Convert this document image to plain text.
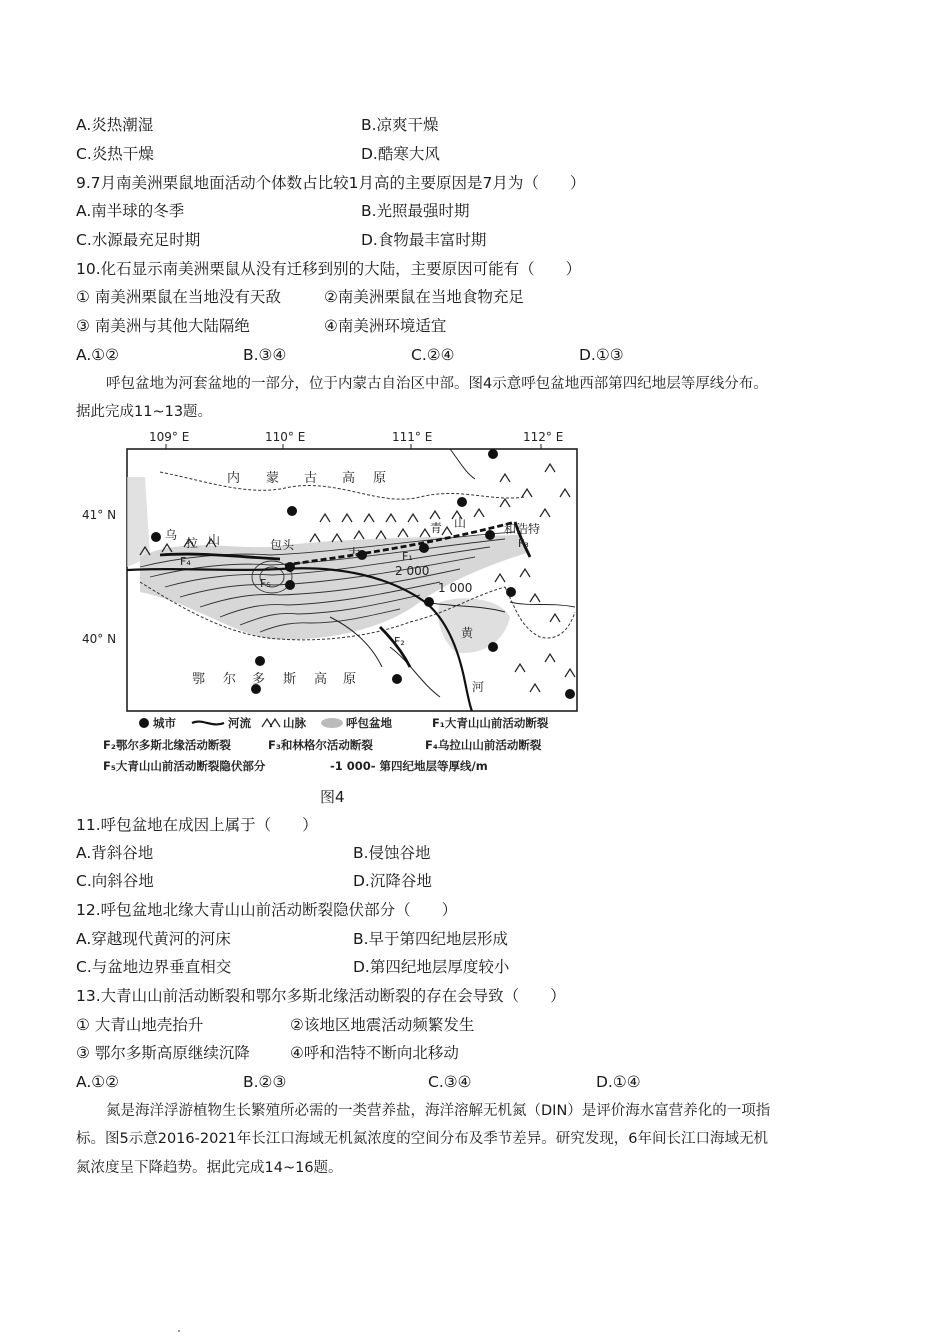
A.炎热潮湿	B.凉爽干燥
C.炎热干燥	D.酷寒大风
9.7月南美洲栗鼠地面活动个体数占比较1月高的主要原因是7月为（　　）
A.南半球的冬季	B.光照最强时期
C.水源最充足时期	D.食物最丰富时期
10.化石显示南美洲栗鼠从没有迁移到别的大陆，主要原因可能有（　　）
① 南美洲栗鼠在当地没有天敌	②南美洲栗鼠在当地食物充足
③ 南美洲与其他大陆隔绝	④南美洲环境适宜
A.①②	B.③④	C.②④	D.①③
呼包盆地为河套盆地的一部分，位于内蒙古自治区中部。图4示意呼包盆地西部第四纪地层等厚线分布。
据此完成11~13题。
109° E	110° E	111° E	112° E
41° N
40° N
2 000
1 000
内 蒙 古 高 原
乌
拉 山	包头
大
青 山	和浩特
鄂 尔 多 斯 高 原
黄
河
F₁
F₂
F₃
F₄
F₅
城市	河流	山脉	呼包盆地	F₁大青山山前活动断裂
F₂鄂尔多斯北缘活动断裂	F₃和林格尔活动断裂	F₄乌拉山山前活动断裂
F₅大青山山前活动断裂隐伏部分	-1 000- 第四纪地层等厚线/m
图4
11.呼包盆地在成因上属于（　　）
A.背斜谷地	B.侵蚀谷地
C.向斜谷地	D.沉降谷地
12.呼包盆地北缘大青山山前活动断裂隐伏部分（　　）
A.穿越现代黄河的河床	B.早于第四纪地层形成
C.与盆地边界垂直相交	D.第四纪地层厚度较小
13.大青山山前活动断裂和鄂尔多斯北缘活动断裂的存在会导致（　　）
① 大青山地壳抬升	②该地区地震活动频繁发生
③ 鄂尔多斯高原继续沉降	④呼和浩特不断向北移动
A.①②	B.②③	C.③④	D.①④
氮是海洋浮游植物生长繁殖所必需的一类营养盐，海洋溶解无机氮（DIN）是评价海水富营养化的一项指
标。图5示意2016-2021年长江口海域无机氮浓度的空间分布及季节差异。研究发现，6年间长江口海域无机
氮浓度呈下降趋势。据此完成14~16题。
